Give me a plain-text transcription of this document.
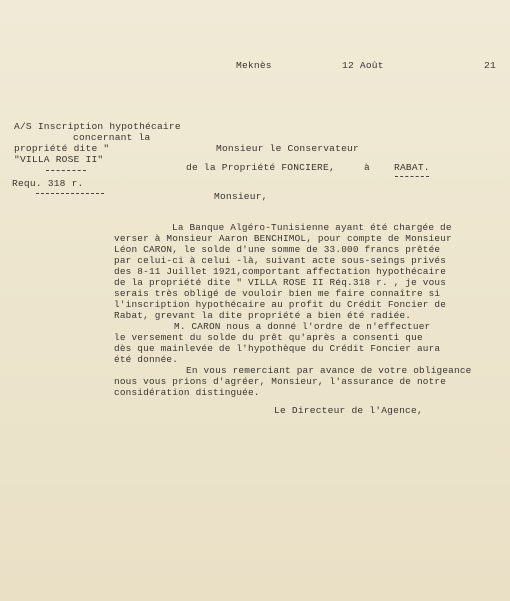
Meknès	12 Août	21
A/S Inscription hypothécaire
concernant la
propriété dite "
"VILLA ROSE II"
Requ. 318 r.
Monsieur le Conservateur
de la Propriété FONCIERE,	à	RABAT.
Monsieur,
La Banque Algéro-Tunisienne ayant été chargée de
verser à Monsieur Aaron BENCHIMOL, pour compte de Monsieur
Léon CARON, le solde d'une somme de 33.000 francs prêtée
par celui-ci à celui -là, suivant acte sous-seings privés
des 8-11 Juillet 1921,comportant affectation hypothécaire
de la propriété dite " VILLA ROSE II Réq.318 r. , je vous
serais très obligé de vouloir bien me faire connaître si
l'inscription hypothécaire au profit du Crédit Foncier de
Rabat, grevant la dite propriété a bien été radiée.
M. CARON nous a donné l'ordre de n'effectuer
le versement du solde du prêt qu'après a consenti que
dès que mainlevée de l'hypothèque du Crédit Foncier aura
été donnée.
En vous remerciant par avance de votre obligeance
nous vous prions d'agréer, Monsieur, l'assurance de notre
considération distinguée.
Le Directeur de l'Agence,
